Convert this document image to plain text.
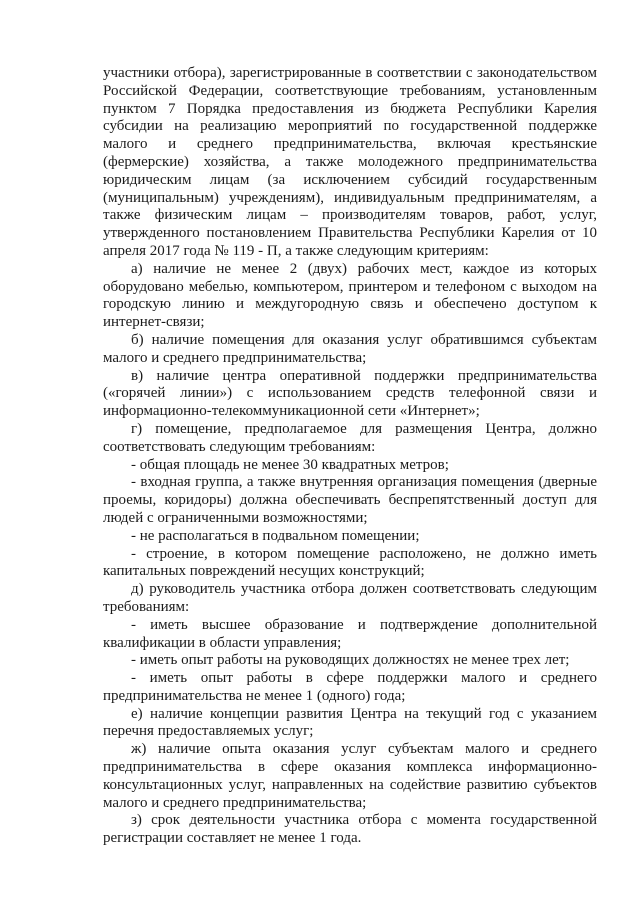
участники отбора), зарегистрированные в соответствии с законодательством Российской Федерации, соответствующие требованиям, установленным пунктом 7 Порядка предоставления из бюджета Республики Карелия субсидии на реализацию мероприятий по государственной поддержке малого и среднего предпринимательства, включая крестьянские (фермерские) хозяйства, а также молодежного предпринимательства юридическим лицам (за исключением субсидий государственным (муниципальным) учреждениям), индивидуальным предпринимателям, а также физическим лицам – производителям товаров, работ, услуг, утвержденного постановлением Правительства Республики Карелия от 10 апреля 2017 года № 119 - П, а также следующим критериям:

а) наличие не менее 2 (двух) рабочих мест, каждое из которых оборудовано мебелью, компьютером, принтером и телефоном с выходом на городскую линию и междугородную связь и обеспечено доступом к интернет-связи;

б) наличие помещения для оказания услуг обратившимся субъектам малого и среднего предпринимательства;

в) наличие центра оперативной поддержки предпринимательства («горячей линии») с использованием средств телефонной связи и информационно-телекоммуникационной сети «Интернет»;

г) помещение, предполагаемое для размещения Центра, должно соответствовать следующим требованиям:

- общая площадь не менее 30 квадратных метров;

- входная группа, а также внутренняя организация помещения (дверные проемы, коридоры) должна обеспечивать беспрепятственный доступ для людей с ограниченными возможностями;

- не располагаться в подвальном помещении;

- строение, в котором помещение расположено, не должно иметь капитальных повреждений несущих конструкций;

д) руководитель участника отбора должен соответствовать следующим требованиям:

- иметь высшее образование и подтверждение дополнительной квалификации в области управления;

- иметь опыт работы на руководящих должностях не менее трех лет;

- иметь опыт работы в сфере поддержки малого и среднего предпринимательства не менее 1 (одного) года;

е) наличие концепции развития Центра на текущий год с указанием перечня предоставляемых услуг;

ж) наличие опыта оказания услуг субъектам малого и среднего предпринимательства в сфере оказания комплекса информационно-консультационных услуг, направленных на содействие развитию субъектов малого и среднего предпринимательства;

з) срок деятельности участника отбора с момента государственной регистрации составляет не менее 1 года.
